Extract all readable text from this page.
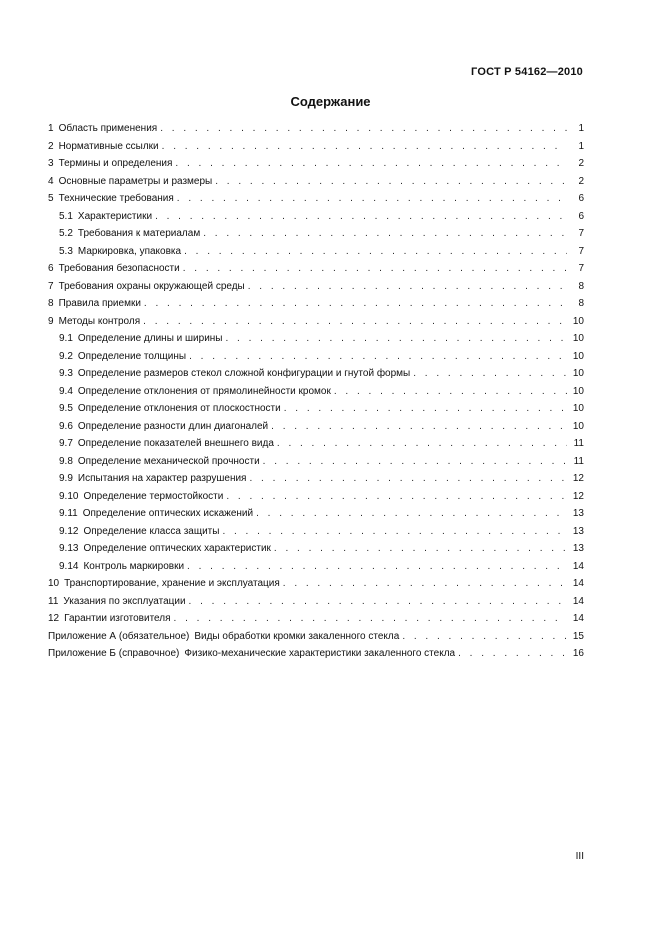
ГОСТ Р 54162—2010
Содержание
1 Область применения . . .	1
2 Нормативные ссылки . . .	1
3 Термины и определения . . .	2
4 Основные параметры и размеры . . .	2
5 Технические требования . . .	6
5.1 Характеристики . . .	6
5.2 Требования к материалам . . .	7
5.3 Маркировка, упаковка . . .	7
6 Требования безопасности . . .	7
7 Требования охраны окружающей среды . . .	8
8 Правила приемки . . .	8
9 Методы контроля . . .	10
9.1 Определение длины и ширины . . .	10
9.2 Определение толщины . . .	10
9.3 Определение размеров стекол сложной конфигурации и гнутой формы . . .	10
9.4 Определение отклонения от прямолинейности кромок . . .	10
9.5 Определение отклонения от плоскостности . . .	10
9.6 Определение разности длин диагоналей . . .	10
9.7 Определение показателей внешнего вида . . .	11
9.8 Определение механической прочности . . .	11
9.9 Испытания на характер разрушения . . .	12
9.10 Определение термостойкости . . .	12
9.11 Определение оптических искажений . . .	13
9.12 Определение класса защиты . . .	13
9.13 Определение оптических характеристик . . .	13
9.14 Контроль маркировки . . .	14
10 Транспортирование, хранение и эксплуатация . . .	14
11 Указания по эксплуатации . . .	14
12 Гарантии изготовителя . . .	14
Приложение А (обязательное) Виды обработки кромки закаленного стекла . . .	15
Приложение Б (справочное) Физико-механические характеристики закаленного стекла . . .	16
III
